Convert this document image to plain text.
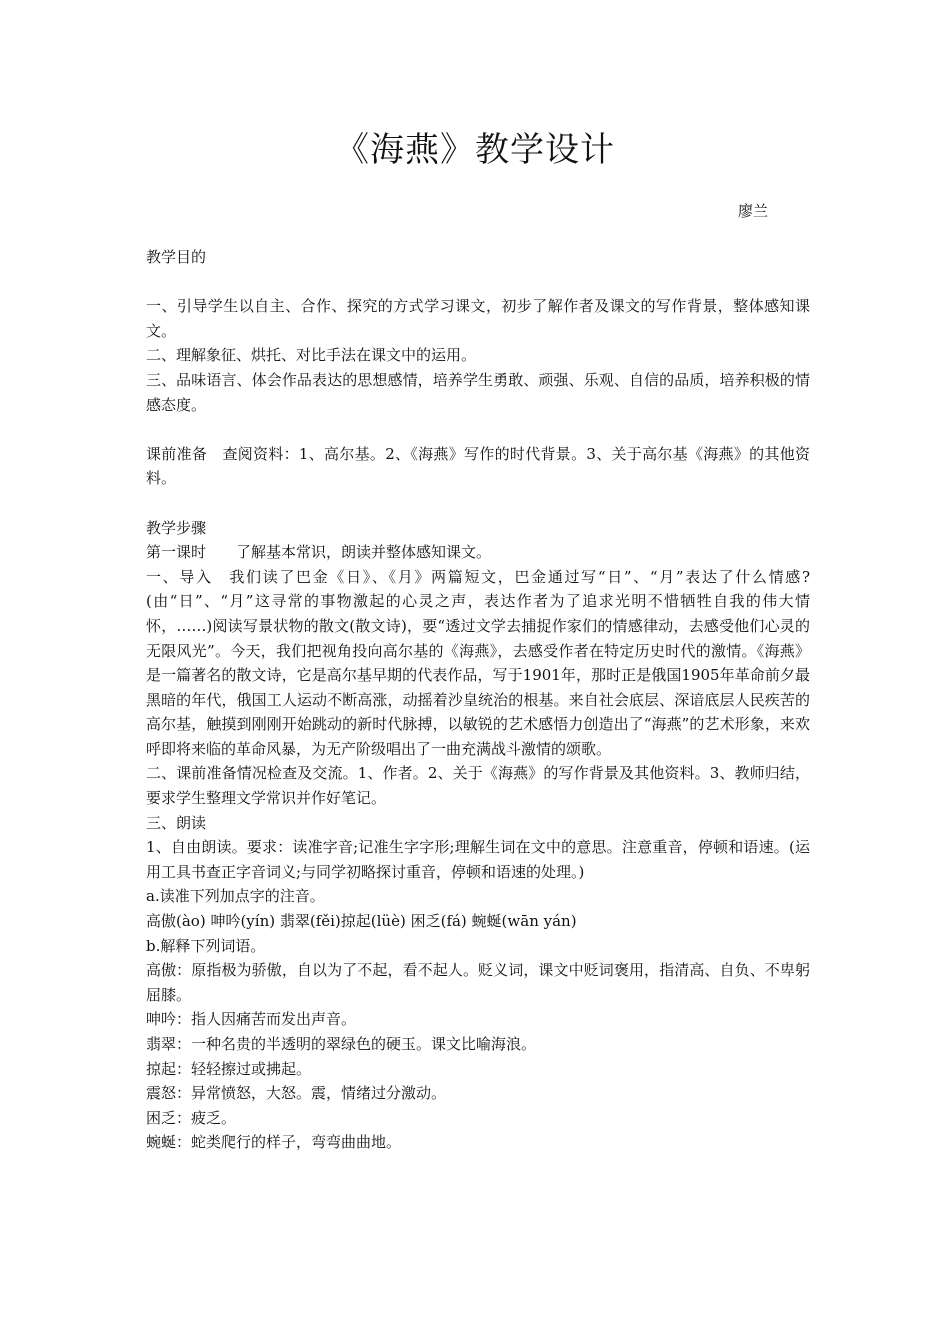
《海燕》教学设计
廖兰

教学目的

一、引导学生以自主、合作、探究的方式学习课文，初步了解作者及课文的写作背景，整体感知课文。

二、理解象征、烘托、对比手法在课文中的运用。

三、品味语言、体会作品表达的思想感情，培养学生勇敢、顽强、乐观、自信的品质，培养积极的情感态度。

课前准备　查阅资料：1、高尔基。2、《海燕》写作的时代背景。3、关于高尔基《海燕》的其他资料。

教学步骤

第一课时　　了解基本常识，朗读并整体感知课文。

一、导入　我们读了巴金《日》、《月》两篇短文，巴金通过写“日”、“月”表达了什么情感?(由“日”、“月”这寻常的事物激起的心灵之声，表达作者为了追求光明不惜牺牲自我的伟大情怀，……)阅读写景状物的散文(散文诗)，要“透过文学去捕捉作家们的情感律动，去感受他们心灵的无限风光”。今天，我们把视角投向高尔基的《海燕》，去感受作者在特定历史时代的激情。《海燕》是一篇著名的散文诗，它是高尔基早期的代表作品，写于1901年，那时正是俄国1905年革命前夕最黑暗的年代，俄国工人运动不断高涨，动摇着沙皇统治的根基。来自社会底层、深谙底层人民疾苦的高尔基，触摸到刚刚开始跳动的新时代脉搏，以敏锐的艺术感悟力创造出了“海燕”的艺术形象，来欢呼即将来临的革命风暴，为无产阶级唱出了一曲充满战斗激情的颂歌。

二、课前准备情况检查及交流。1、作者。2、关于《海燕》的写作背景及其他资料。3、教师归结，要求学生整理文学常识并作好笔记。

三、朗读

1、自由朗读。要求：读准字音;记准生字字形;理解生词在文中的意思。注意重音，停顿和语速。(运用工具书查正字音词义;与同学初略探讨重音，停顿和语速的处理。)

a.读准下列加点字的注音。

高傲(ào) 呻吟(yín) 翡翠(fěi)掠起(lüè) 困乏(fá) 蜿蜒(wān yán)

b.解释下列词语。

高傲：原指极为骄傲，自以为了不起，看不起人。贬义词，课文中贬词褒用，指清高、自负、不卑躬屈膝。

呻吟：指人因痛苦而发出声音。

翡翠：一种名贵的半透明的翠绿色的硬玉。课文比喻海浪。

掠起：轻轻擦过或拂起。

震怒：异常愤怒，大怒。震，情绪过分激动。

困乏：疲乏。

蜿蜒：蛇类爬行的样子，弯弯曲曲地。
